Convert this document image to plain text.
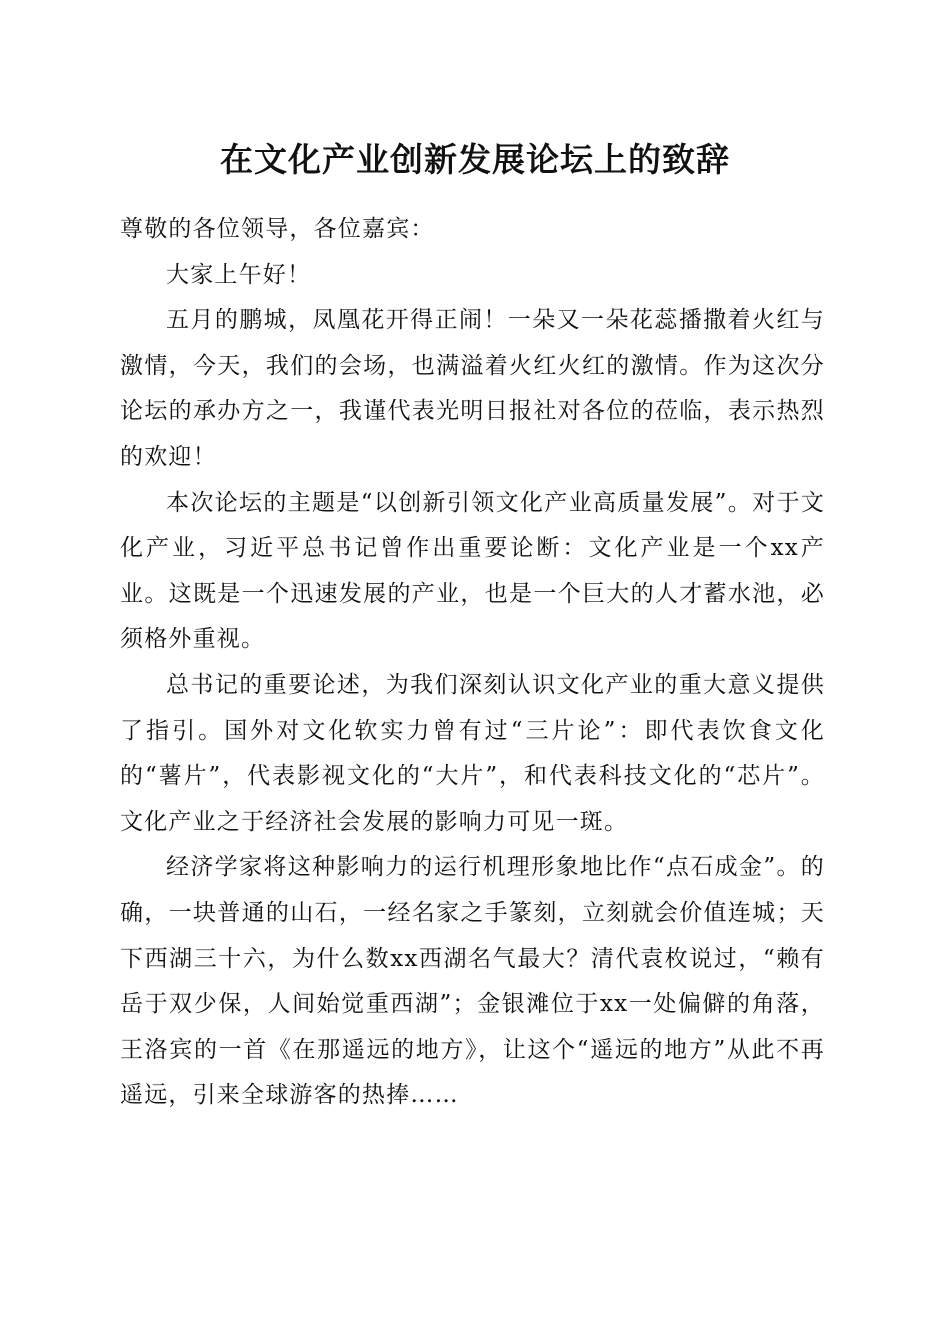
在文化产业创新发展论坛上的致辞

尊敬的各位领导，各位嘉宾：

大家上午好！

五月的鹏城，凤凰花开得正闹！一朵又一朵花蕊播撒着火红与激情，今天，我们的会场，也满溢着火红火红的激情。作为这次分论坛的承办方之一，我谨代表光明日报社对各位的莅临，表示热烈的欢迎！

本次论坛的主题是“以创新引领文化产业高质量发展”。对于文化产业，习近平总书记曾作出重要论断：文化产业是一个xx产业。这既是一个迅速发展的产业，也是一个巨大的人才蓄水池，必须格外重视。

总书记的重要论述，为我们深刻认识文化产业的重大意义提供了指引。国外对文化软实力曾有过“三片论”：即代表饮食文化的“薯片”，代表影视文化的“大片”，和代表科技文化的“芯片”。文化产业之于经济社会发展的影响力可见一斑。

经济学家将这种影响力的运行机理形象地比作“点石成金”。的确，一块普通的山石，一经名家之手篆刻，立刻就会价值连城；天下西湖三十六，为什么数xx西湖名气最大？清代袁枚说过，“赖有岳于双少保，人间始觉重西湖”；金银滩位于xx一处偏僻的角落，王洛宾的一首《在那遥远的地方》，让这个“遥远的地方”从此不再遥远，引来全球游客的热捧……
